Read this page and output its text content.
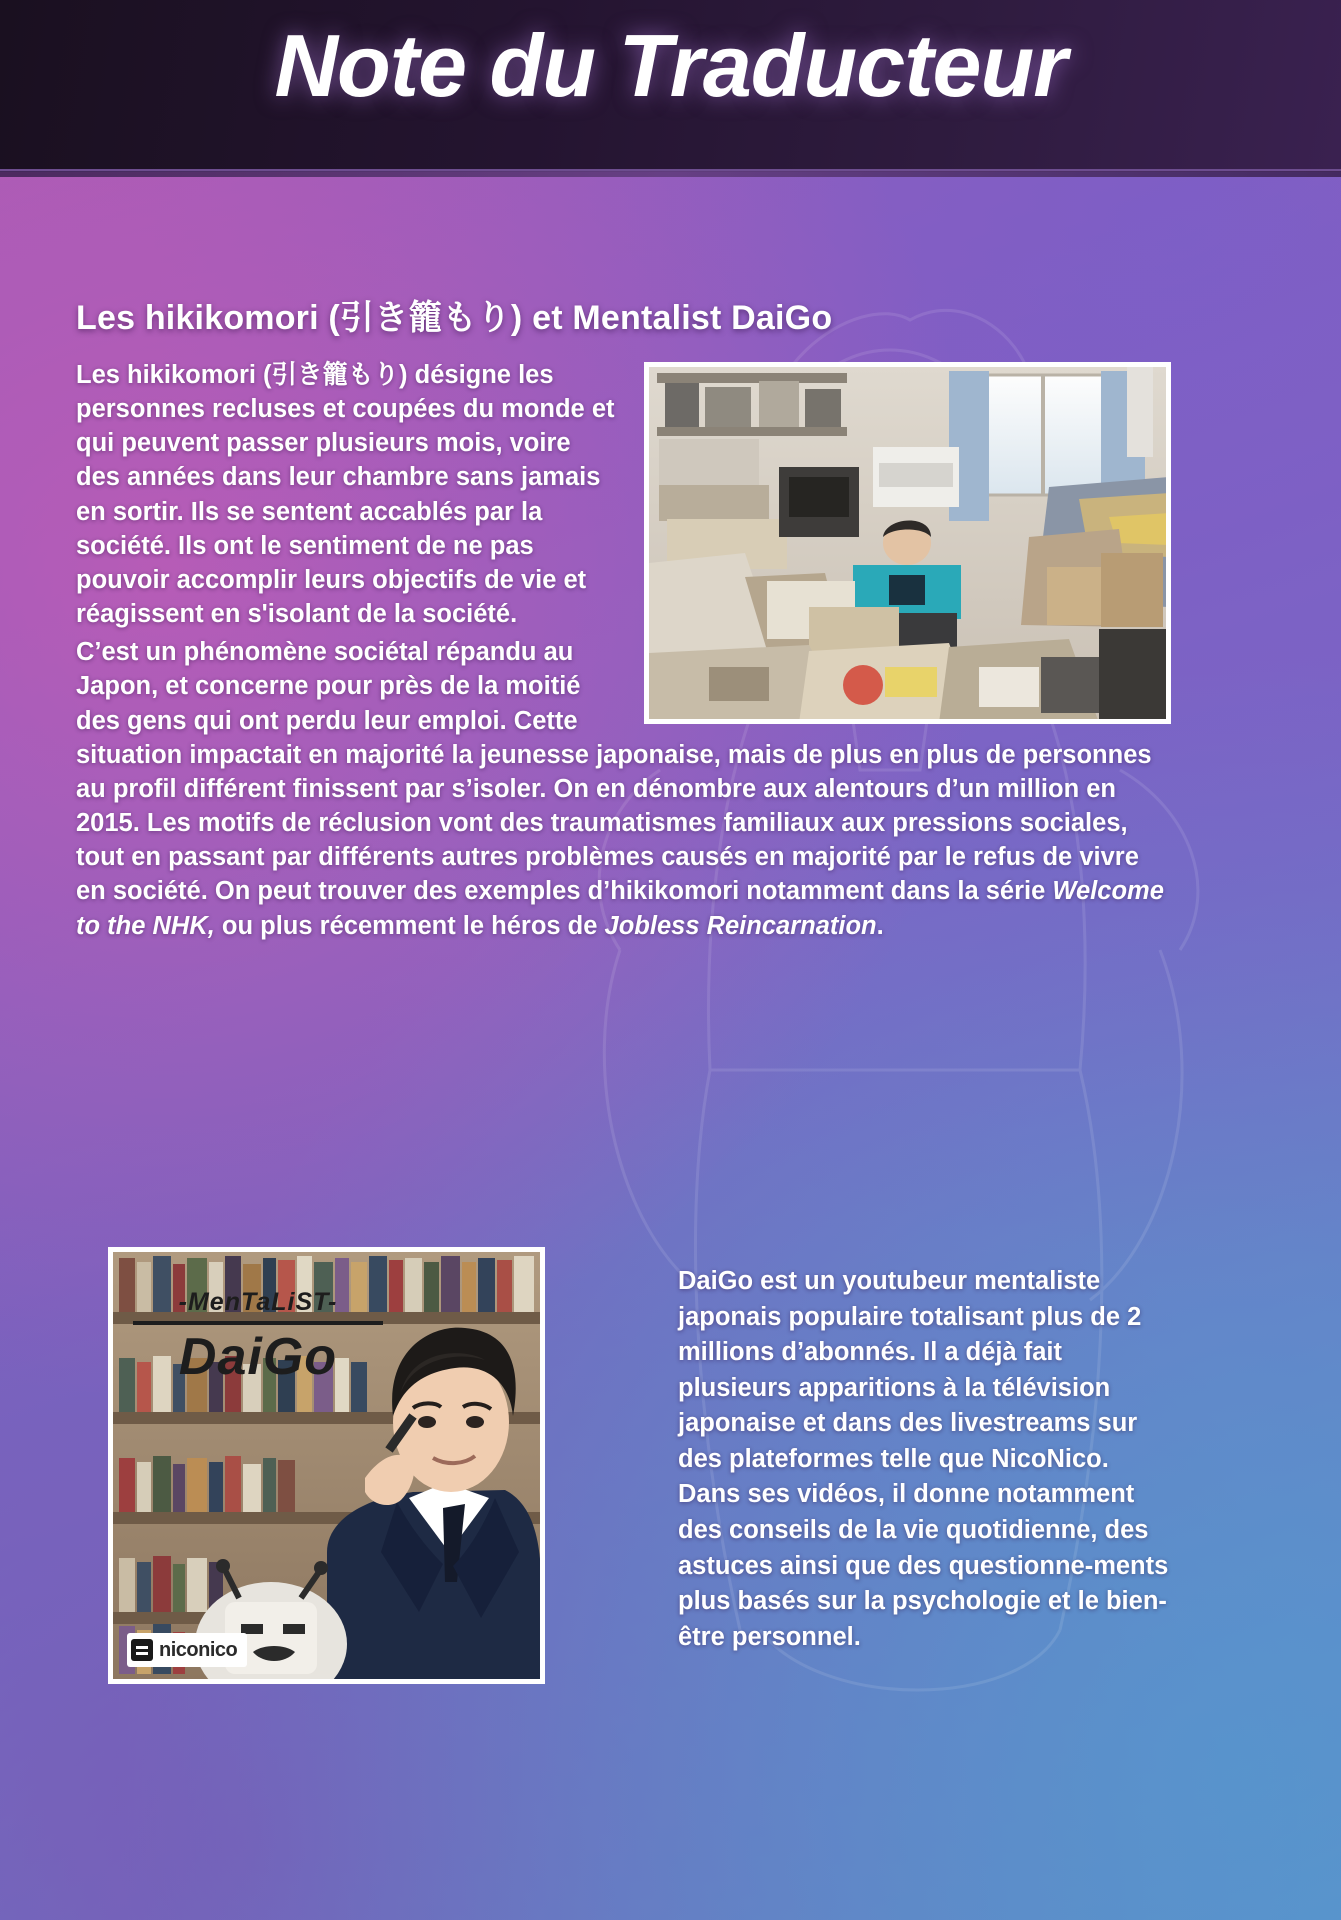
Note du Traducteur
Les hikikomori (引き籠もり) et Mentalist DaiGo

Les hikikomori (引き籠もり) désigne les personnes recluses et coupées du monde et qui peuvent passer plusieurs mois, voire des années dans leur chambre sans jamais en sortir. Ils se sentent accablés par la société. Ils ont le sentiment de ne pas pouvoir accomplir leurs objectifs de vie et réagissent en s'isolant de la société.

C’est un phénomène sociétal répandu au Japon, et concerne pour près de la moitié des gens qui ont perdu leur emploi. Cette situation impactait en majorité la jeunesse japonaise, mais de plus en plus de personnes au profil différent finissent par s’isoler. On en dénombre aux alentours d’un million en 2015. Les motifs de réclusion vont des traumatismes familiaux aux pressions sociales, tout en passant par différents autres problèmes causés en majorité par le refus de vivre en société. On peut trouver des exemples d’hikikomori notamment dans la série Welcome to the NHK, ou plus récemment le héros de Jobless Reincarnation.

-MenTaLiST-
DaiGo
niconico
DaiGo est un youtubeur mentaliste japonais populaire totalisant plus de 2 millions d’abonnés. Il a déjà fait plusieurs apparitions à la télévision japonaise et dans des livestreams sur des plateformes telle que NicoNico. Dans ses vidéos, il donne notamment des conseils de la vie quotidienne, des astuces ainsi que des questionne-ments plus basés sur la psychologie et le bien-être personnel.
